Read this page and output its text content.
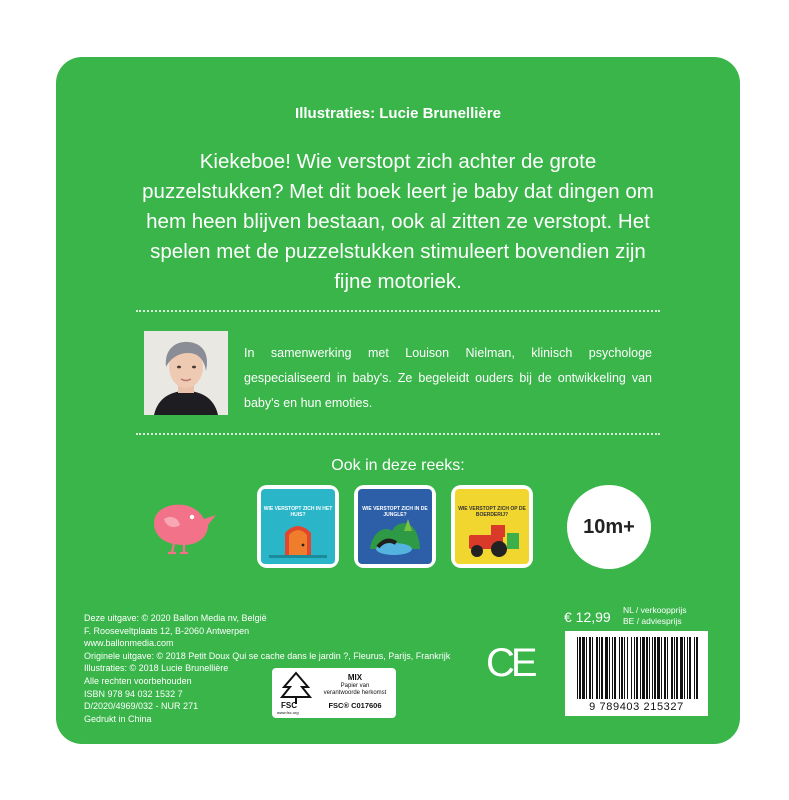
Illustraties: Lucie Brunellière
Kiekeboe! Wie verstopt zich achter de grote puzzelstukken? Met dit boek leert je baby dat dingen om hem heen blijven bestaan, ook al zitten ze verstopt. Het spelen met de puzzelstukken stimuleert bovendien zijn fijne motoriek.
In samenwerking met Louison Nielman, klinisch psychologe gespecialiseerd in baby's. Ze begeleidt ouders bij de ontwikkeling van baby's en hun emoties.
Ook in deze reeks:
WIE VERSTOPT ZICH IN HET HUIS?
WIE VERSTOPT ZICH IN DE JUNGLE?
WIE VERSTOPT ZICH OP DE BOERDERIJ?
10m+
Deze uitgave: © 2020 Ballon Media nv, België
F. Rooseveltplaats 12, B-2060 Antwerpen
www.ballonmedia.com
Originele uitgave: © 2018 Petit Doux Qui se cache dans le jardin ?, Fleurus, Parijs, Frankrijk
Illustraties: © 2018 Lucie Brunellière
Alle rechten voorbehouden
ISBN 978 94 032 1532 7
D/2020/4969/032 - NUR 271
Gedrukt in China
FSC
www.fsc.org
MIX
Papier van
verantwoorde herkomst
FSC® C017606
CE
€ 12,99 NL / verkoopprijs
BE / adviesprijs
9 789403 215327
